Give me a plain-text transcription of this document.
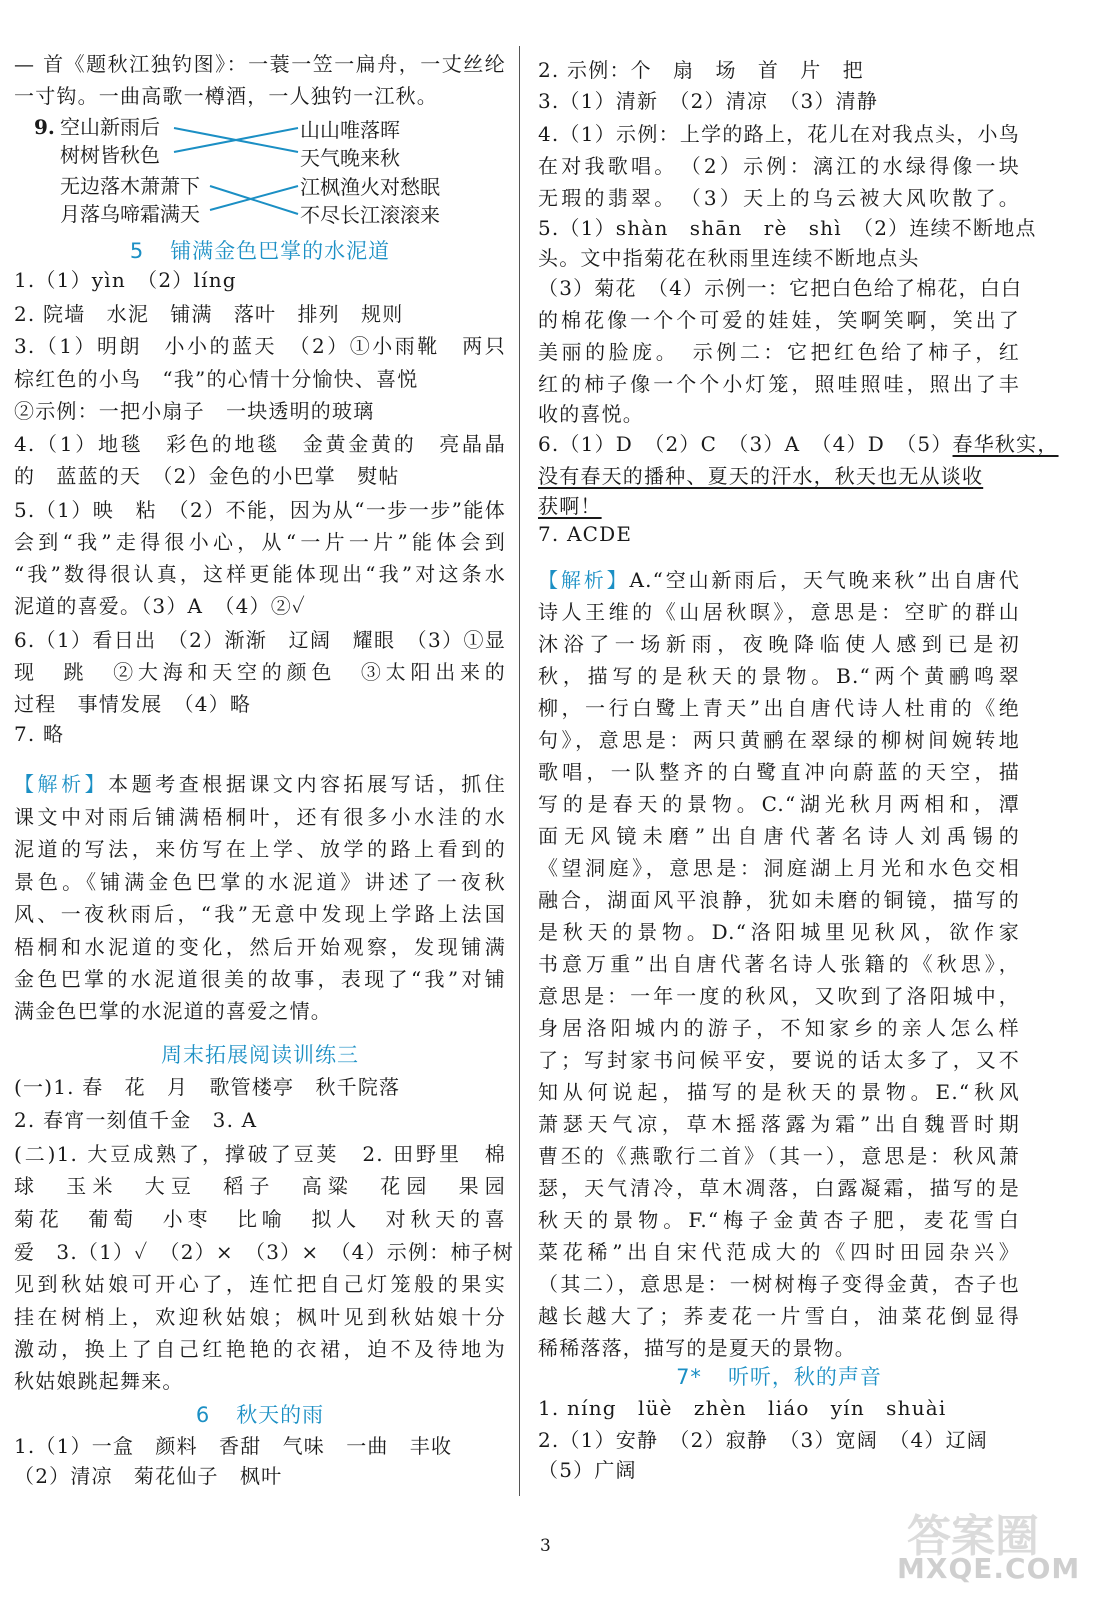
— 首《题秋江独钓图》：一蓑一笠一扁舟，一丈丝纶
一寸钩。一曲高歌一樽酒，一人独钓一江秋。
9. 空山新雨后
树树皆秋色
无边落木萧萧下
月落乌啼霜满天
山山唯落晖
天气晚来秋
江枫渔火对愁眠
不尽长江滚滚来
5 铺满金色巴掌的水泥道
1.（1）yìn　（2）líng
2. 院墙　水泥　铺满　落叶　排列　规则
3.（1）明朗　小小的蓝天　（2）①小雨靴　两只
棕红色的小鸟　“我”的心情十分愉快、喜悦
②示例：一把小扇子　一块透明的玻璃
4.（1）地毯　彩色的地毯　金黄金黄的　亮晶晶
的　蓝蓝的天　（2）金色的小巴掌　熨帖
5.（1）映　粘　（2）不能，因为从“一步一步”能体
会到“我”走得很小心，从“一片一片”能体会到
“我”数得很认真，这样更能体现出“我”对这条水
泥道的喜爱。（3）A　（4）②✓
6.（1）看日出　（2）渐渐　辽阔　耀眼　（3）①显
现　跳　②大海和天空的颜色　③太阳出来的
过程　事情发展　（4）略
7. 略
【解析】本题考查根据课文内容拓展写话，抓住
课文中对雨后铺满梧桐叶，还有很多小水洼的水
泥道的写法，来仿写在上学、放学的路上看到的
景色。《铺满金色巴掌的水泥道》讲述了一夜秋
风、一夜秋雨后，“我”无意中发现上学路上法国
梧桐和水泥道的变化，然后开始观察，发现铺满
金色巴掌的水泥道很美的故事，表现了“我”对铺
满金色巴掌的水泥道的喜爱之情。
周末拓展阅读训练三
(一)1. 春　花　月　歌管楼亭　秋千院落
2. 春宵一刻值千金　3. A
(二)1. 大豆成熟了，撑破了豆荚　2. 田野里　棉
球　玉米　大豆　稻子　高粱　花园　果园
菊花　葡萄　小枣　比喻　拟人　对秋天的喜
爱　3.（1）✓　（2）×　（3）×　（4）示例：柿子树
见到秋姑娘可开心了，连忙把自己灯笼般的果实
挂在树梢上，欢迎秋姑娘；枫叶见到秋姑娘十分
激动，换上了自己红艳艳的衣裙，迫不及待地为
秋姑娘跳起舞来。
6 秋天的雨
1.（1）一盒　颜料　香甜　气味　一曲　丰收
（2）清凉　菊花仙子　枫叶
2. 示例：个　扇　场　首　片　把
3.（1）清新　（2）清凉　（3）清静
4.（1）示例：上学的路上，花儿在对我点头，小鸟
在对我歌唱。　（2）示例：漓江的水绿得像一块
无瑕的翡翠。　（3）天上的乌云被大风吹散了。
5.（1）shàn　shān　rè　shì　（2）连续不断地点
头。文中指菊花在秋雨里连续不断地点头
（3）菊花　（4）示例一：它把白色给了棉花，白白
的棉花像一个个可爱的娃娃，笑啊笑啊，笑出了
美丽的脸庞。　示例二：它把红色给了柿子，红
红的柿子像一个个小灯笼，照哇照哇，照出了丰
收的喜悦。
6.（1）D　（2）C　（3）A　（4）D　（5）春华秋实，
没有春天的播种、夏天的汗水，秋天也无从谈收
获啊！
7. ACDE
【解析】A.“空山新雨后，天气晚来秋”出自唐代
诗人王维的《山居秋暝》，意思是：空旷的群山
沐浴了一场新雨，夜晚降临使人感到已是初
秋，描写的是秋天的景物。B.“两个黄鹂鸣翠
柳，一行白鹭上青天”出自唐代诗人杜甫的《绝
句》，意思是：两只黄鹂在翠绿的柳树间婉转地
歌唱，一队整齐的白鹭直冲向蔚蓝的天空，描
写的是春天的景物。C.“湖光秋月两相和，潭
面无风镜未磨”出自唐代著名诗人刘禹锡的
《望洞庭》，意思是：洞庭湖上月光和水色交相
融合，湖面风平浪静，犹如未磨的铜镜，描写的
是秋天的景物。D.“洛阳城里见秋风，欲作家
书意万重”出自唐代著名诗人张籍的《秋思》，
意思是：一年一度的秋风，又吹到了洛阳城中，
身居洛阳城内的游子，不知家乡的亲人怎么样
了；写封家书问候平安，要说的话太多了，又不
知从何说起，描写的是秋天的景物。E.“秋风
萧瑟天气凉，草木摇落露为霜”出自魏晋时期
曹丕的《燕歌行二首》（其一），意思是：秋风萧
瑟，天气清冷，草木凋落，白露凝霜，描写的是
秋天的景物。F.“梅子金黄杏子肥，麦花雪白
菜花稀”出自宋代范成大的《四时田园杂兴》
（其二），意思是：一树树梅子变得金黄，杏子也
越长越大了；荞麦花一片雪白，油菜花倒显得
稀稀落落，描写的是夏天的景物。
7* 听听，秋的声音
1. níng　lüè　zhèn　liáo　yín　shuài
2.（1）安静　（2）寂静　（3）宽阔　（4）辽阔
（5）广阔
3	答案圈
MXQE.COM
